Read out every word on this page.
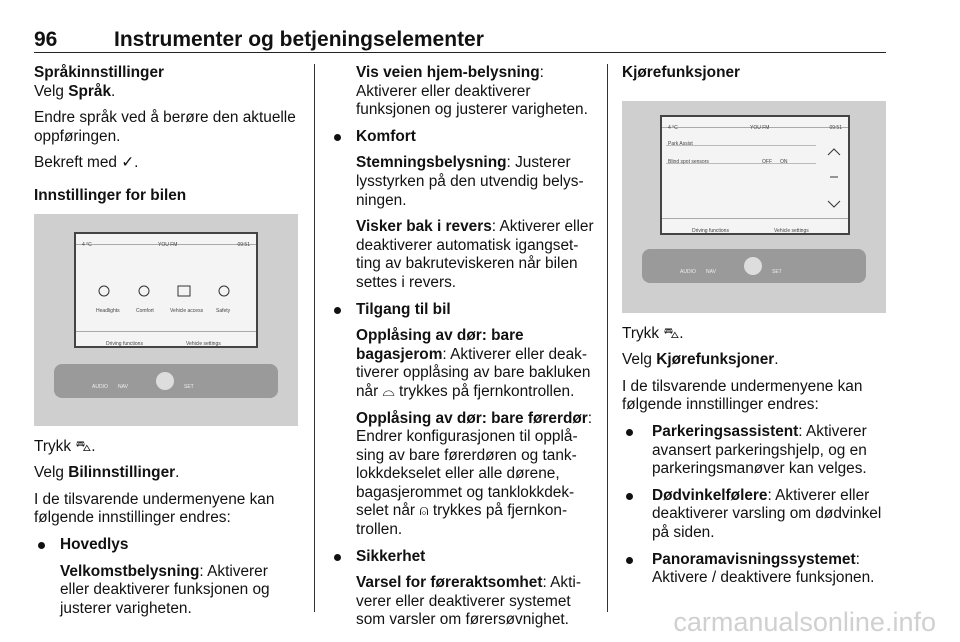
96	Instrumenter og betjeningselementer
Språkinnstillinger

Velg Språk.

Endre språk ved å berøre den aktuelle oppføringen.

Bekreft med ✓.

Innstillinger for bilen

4 °C	YOU FM	09:51
Headlights	Comfort	Vehicle access	Safety
Driving functions	Vehicle settings
AUDIO NAV	SET

Trykk ⛍.

Velg Bilinnstillinger.

I de tilsvarende undermenyene kan følgende innstillinger endres:

Hovedlys
Velkomstbelysning: Aktiverer eller deaktiverer funksjonen og justerer varigheten.
Vis veien hjem-belysning: Aktiverer eller deaktiverer funksjonen og justerer varigheten.
Komfort
Stemningsbelysning: Justerer lysstyrken på den utvendig belysningen.
Visker bak i revers: Aktiverer eller deaktiverer automatisk igangsetting av bakruteviskeren når bilen settes i revers.
Tilgang til bil
Opplåsing av dør: bare bagasjerom: Aktiverer eller deaktiverer opplåsing av bare bakluken når ⌓ trykkes på fjernkontrollen.
Opplåsing av dør: bare førerdør: Endrer konfigurasjonen til opplåsing av bare førerdøren og tanklokkdekselet eller alle dørene, bagasjerommet og tanklokkdekselet når ⍝ trykkes på fjernkontrollen.
Sikkerhet
Varsel for føreraktsomhet: Aktiverer eller deaktiverer systemet som varsler om førersøvnighet.
Kjørefunksjoner
4 °C	YOU FM	09:51
Park Assist
Blind spot sensors	OFF ON
Driving functions	Vehicle settings
AUDIO NAV	SET

Trykk ⛍.

Velg Kjørefunksjoner.

I de tilsvarende undermenyene kan følgende innstillinger endres:

Parkeringsassistent: Aktiverer avansert parkeringshjelp, og en parkeringsmanøver kan velges.
Dødvinkelfølere: Aktiverer eller deaktiverer varsling om dødvinkel på siden.
Panoramavisningssystemet: Aktivere / deaktivere funksjonen.
carmanualsonline.info
